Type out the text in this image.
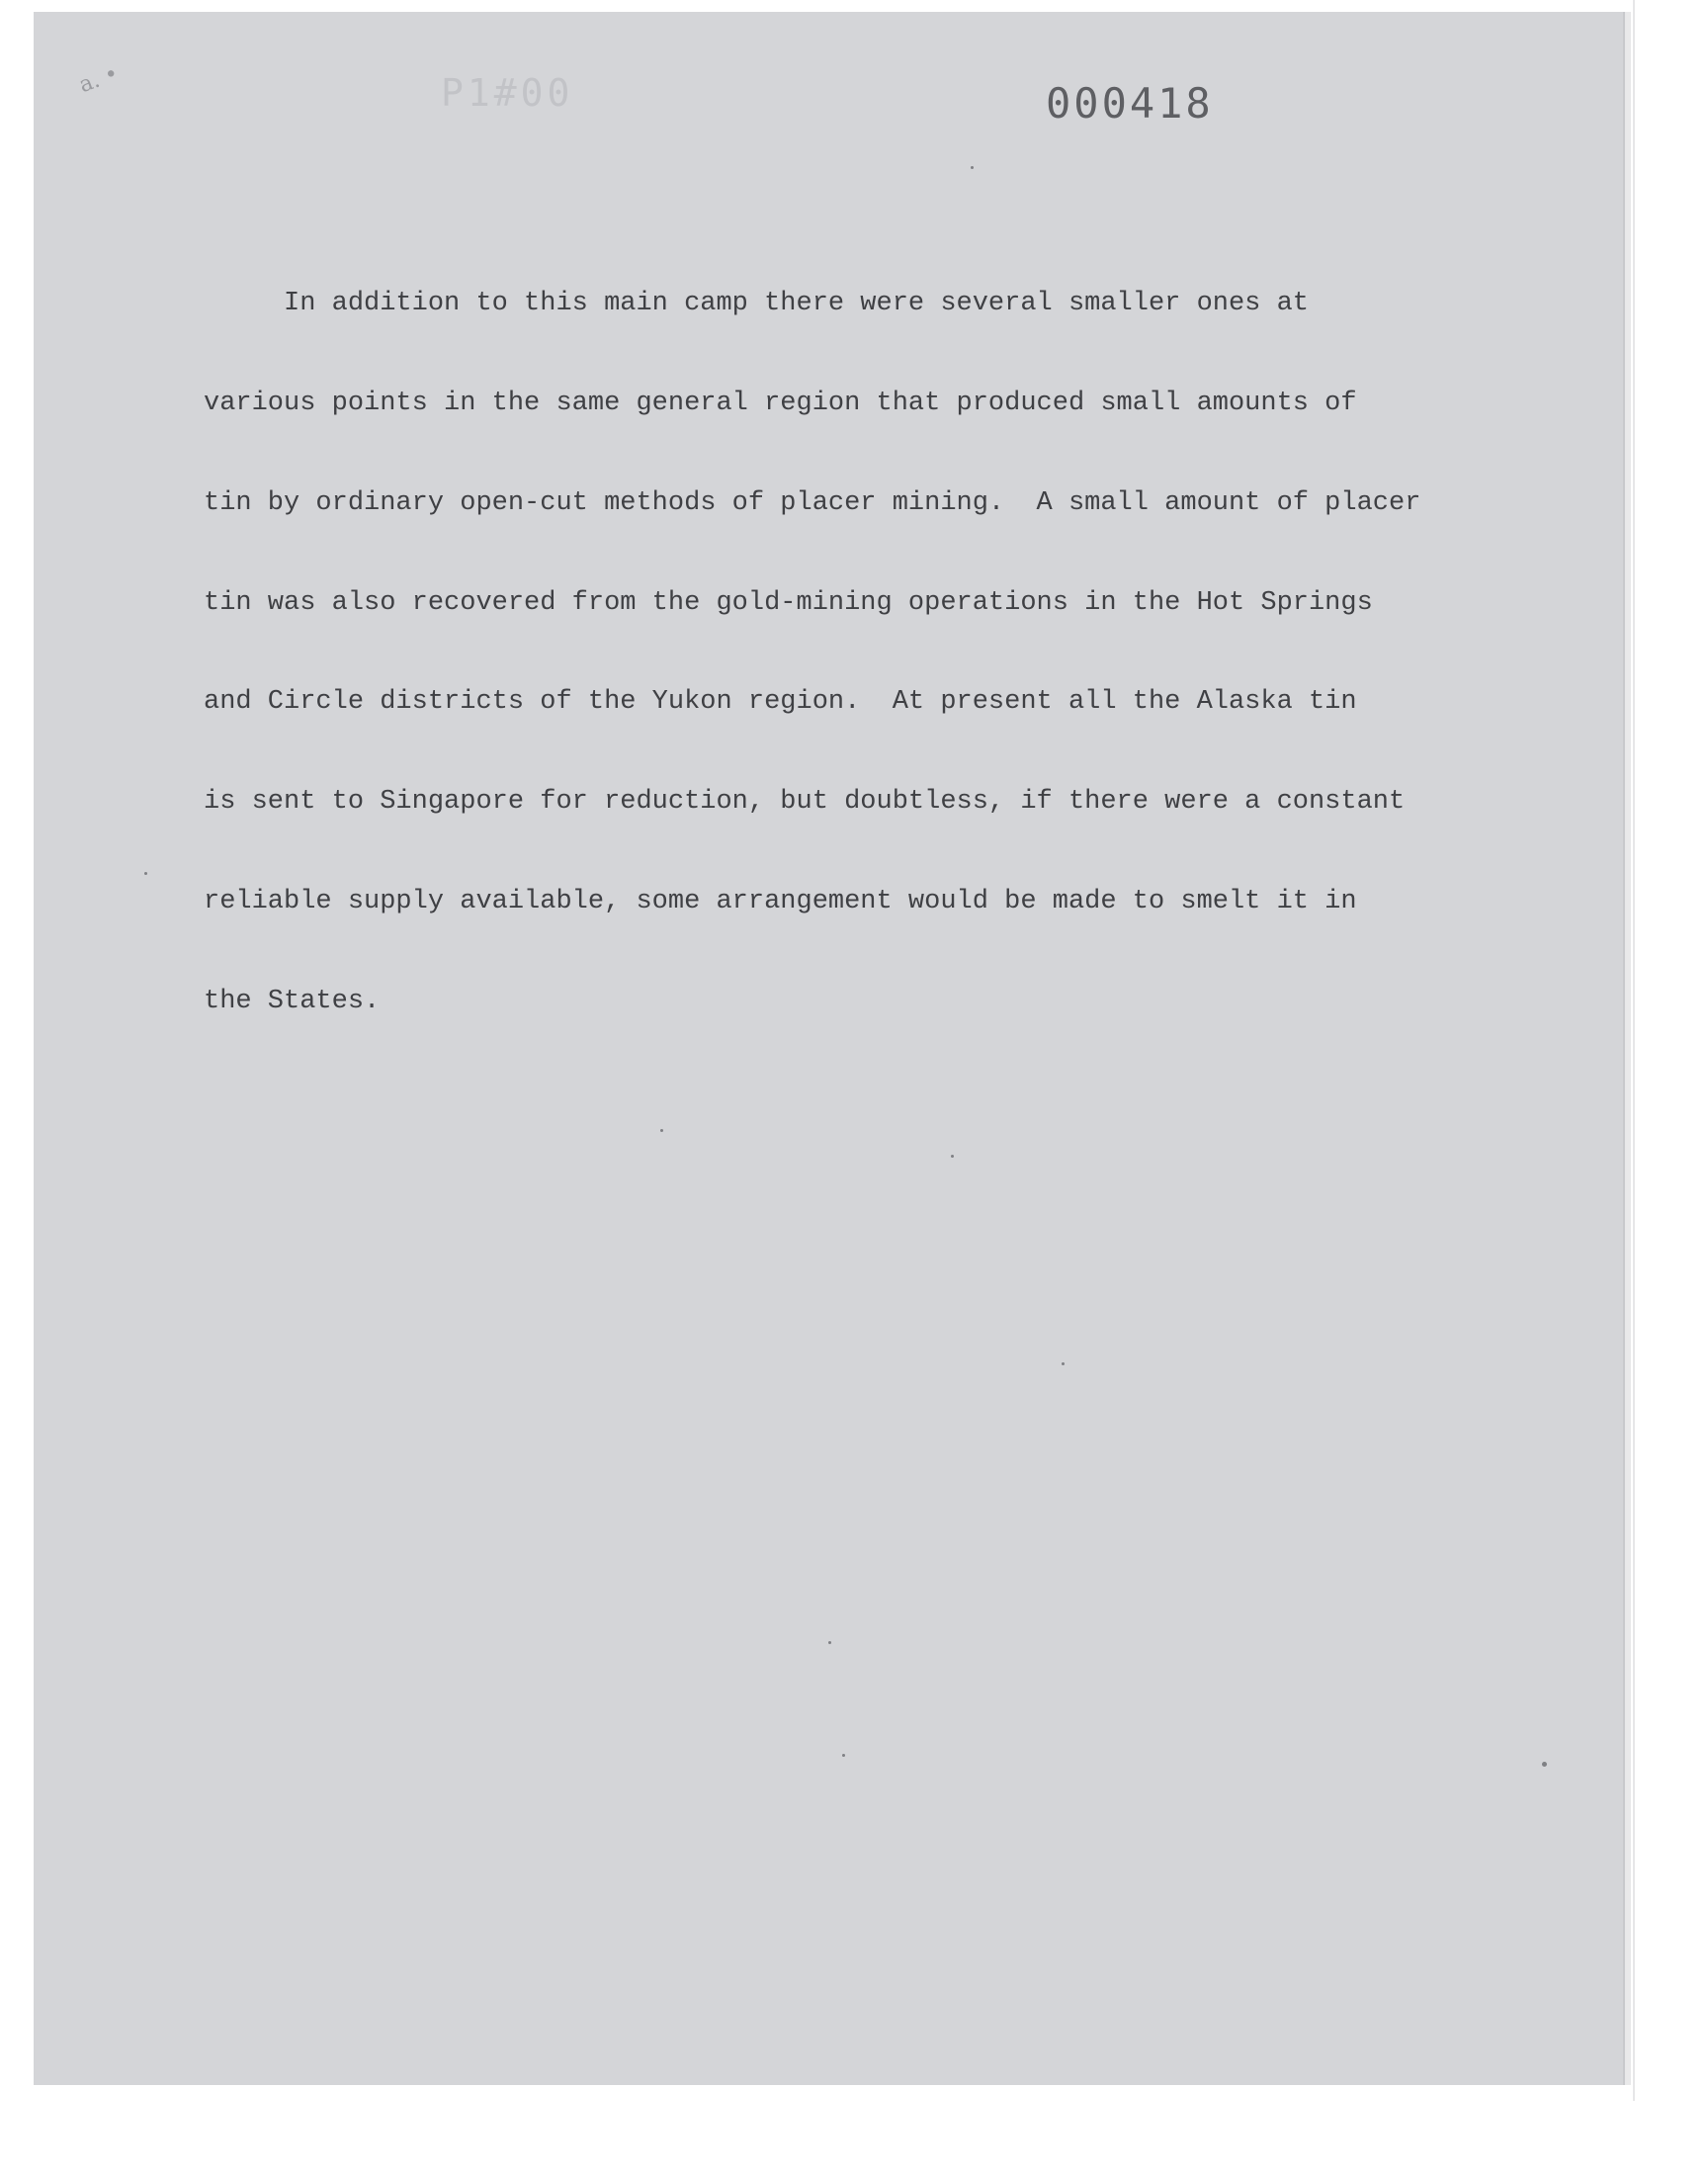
a. •	P1#00	000418

In addition to this main camp there were several smaller ones at

various points in the same general region that produced small amounts of

tin by ordinary open-cut methods of placer mining.  A small amount of placer

tin was also recovered from the gold-mining operations in the Hot Springs

and Circle districts of the Yukon region.  At present all the Alaska tin

is sent to Singapore for reduction, but doubtless, if there were a constant

reliable supply available, some arrangement would be made to smelt it in

the States.
